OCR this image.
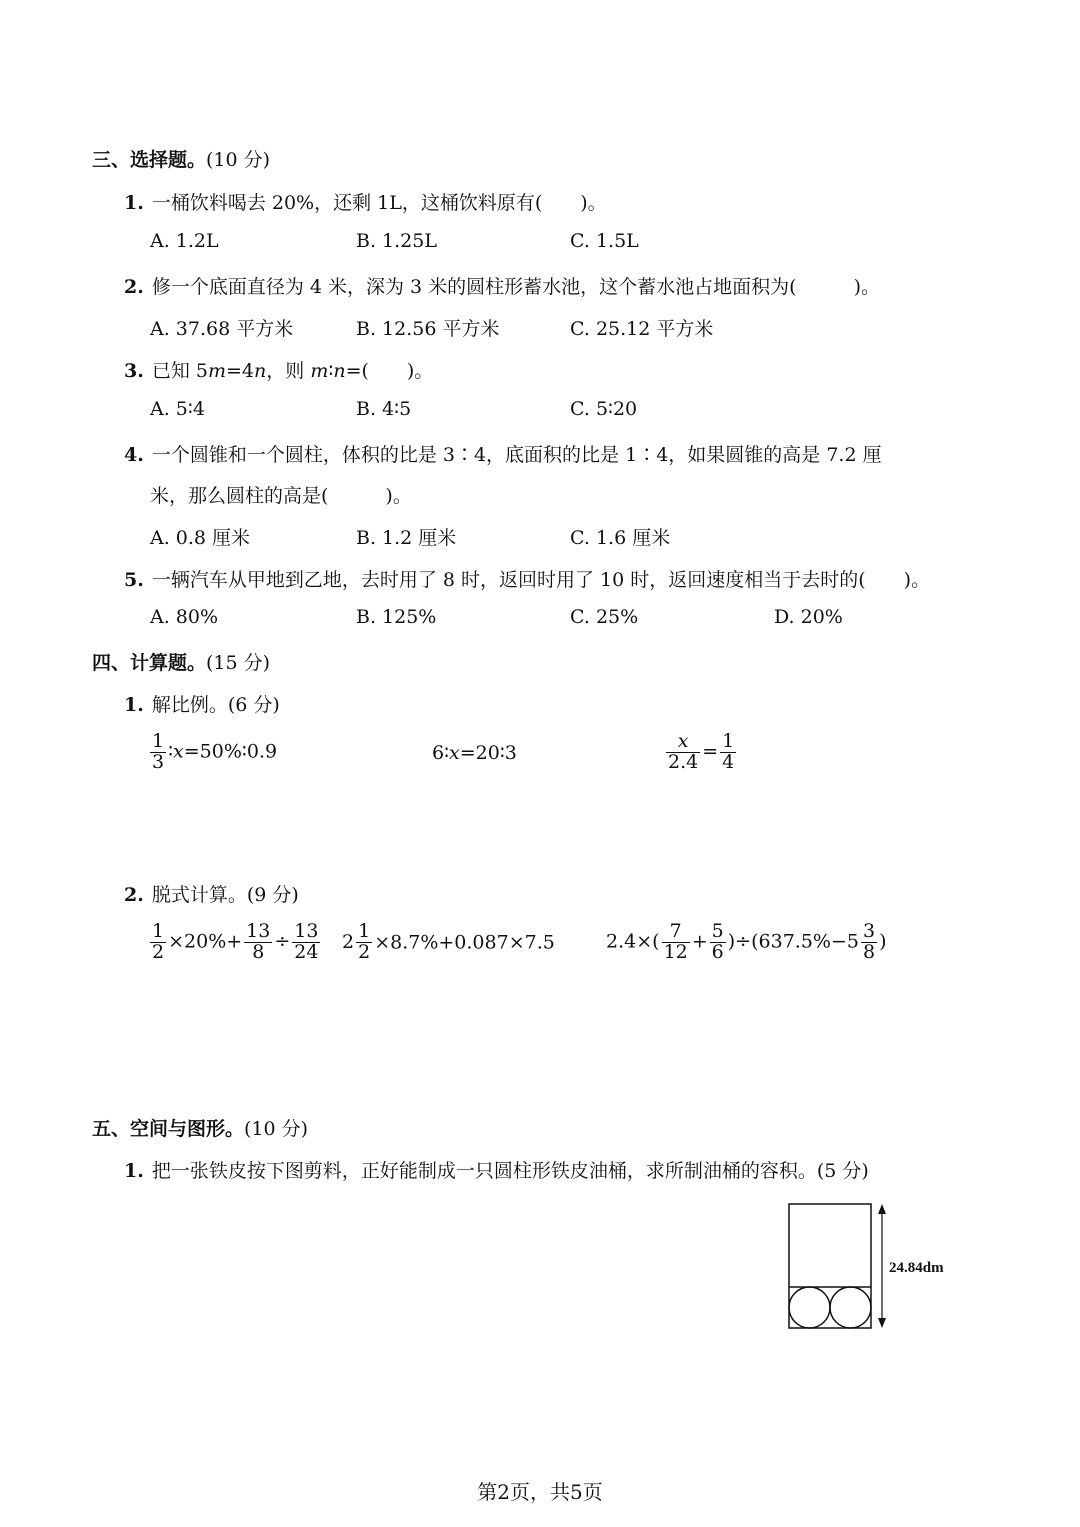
三、选择题。(10 分)
1. 一桶饮料喝去 20%，还剩 1L，这桶饮料原有(　　)。
A. 1.2L	B. 1.25L	C. 1.5L
2. 修一个底面直径为 4 米，深为 3 米的圆柱形蓄水池，这个蓄水池占地面积为(　　　)。
A. 37.68 平方米	B. 12.56 平方米	C. 25.12 平方米
3. 已知 5m=4n，则 m∶n=(　　)。
A. 5∶4	B. 4∶5	C. 5∶20
4. 一个圆锥和一个圆柱，体积的比是 3∶4，底面积的比是 1∶4，如果圆锥的高是 7.2 厘
米，那么圆柱的高是(　　　)。
A. 0.8 厘米	B. 1.2 厘米	C. 1.6 厘米
5. 一辆汽车从甲地到乙地，去时用了 8 时，返回时用了 10 时，返回速度相当于去时的(　　)。
A. 80%	B. 125%	C. 25%	D. 20%
四、计算题。(15 分)
1. 解比例。(6 分)
$\frac{1}{3}$ ∶x=50%∶0.9	6∶x=20∶3	$\frac{x}{2.4} = \frac{1}{4}$
2. 脱式计算。(9 分)
$\frac{1}{2} \times 20\%+ \frac{13}{8} \div \frac{13}{24} 2 \frac{1}{2} \times 8.7\%+0.087\times 7.5$	$2.4\times( \frac{7}{12} + \frac{5}{6} )\div(637.5\%-5 \frac{3}{8}$ )
五、空间与图形。(10 分)
1. 把一张铁皮按下图剪料，正好能制成一只圆柱形铁皮油桶，求所制油桶的容积。(5 分)
24.84dm
第2页，共5页
